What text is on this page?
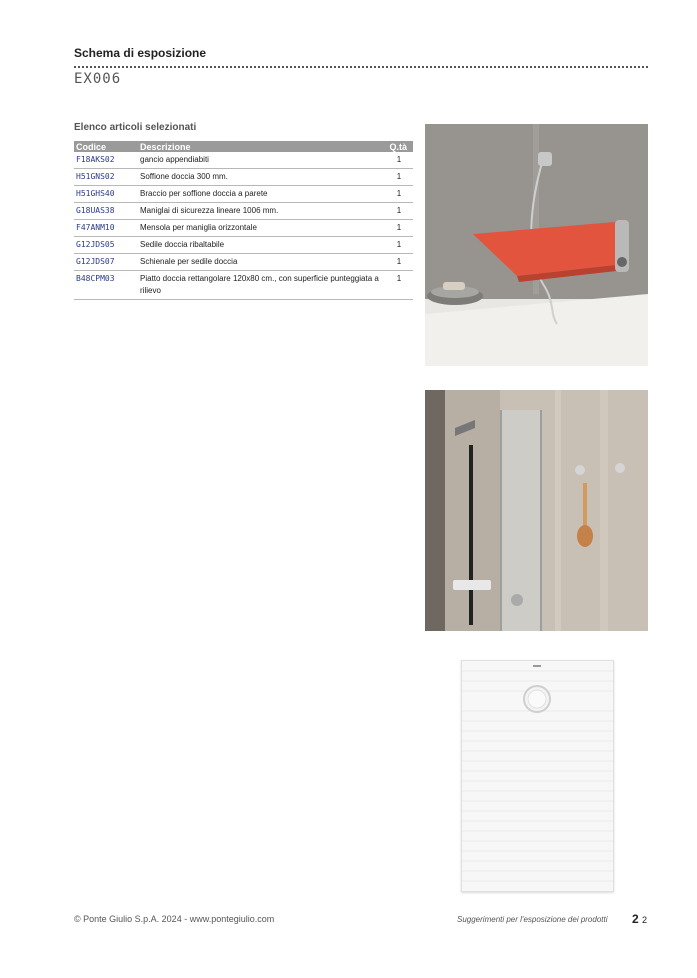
Schema di esposizione
EX006
Elenco articoli selezionati
Codice	Descrizione	Q.tà
F18AKS02	gancio appendiabiti	1
H51GNS02	Soffione doccia 300 mm.	1
H51GHS40	Braccio per soffione doccia a parete	1
G18UAS38	Maniglai di sicurezza lineare 1006 mm.	1
F47ANM10	Mensola per maniglia orizzontale	1
G12JDS05	Sedile doccia ribaltabile	1
G12JDS07	Schienale per sedile doccia	1
B48CPM03	Piatto doccia rettangolare 120x80 cm., con superficie punteggiata a rilievo	1
© Ponte Giulio S.p.A. 2024 - www.pontegiulio.com	Suggerimenti per l'esposizione dei prodotti 2 2
